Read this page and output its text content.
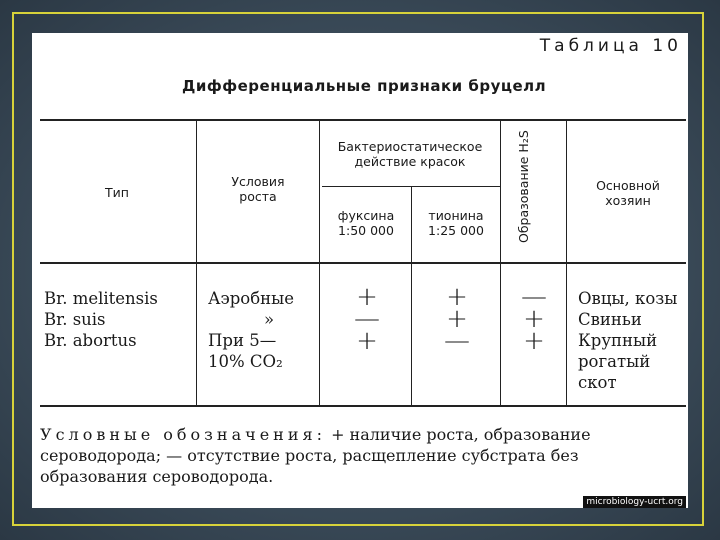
Таблица 10
Дифференциальные признаки бруцелл
Тип
Условия роста
Бактериостатическое действие красок
фуксина 1:50 000
тионина 1:25 000	Образование H₂S	Основной хозяин
Br. melitensis
Br. suis
Br. abortus
Аэробные
»
При 5—10% CO₂
+
—
+
+
+
—
—
+
+
Овцы, козы
Свиньи
Крупный рогатый скот
Условные обозначения: + наличие роста, образование сероводорода; — отсутствие роста, расщепление субстрата без образования сероводорода.
microbiology-ucrt.org
